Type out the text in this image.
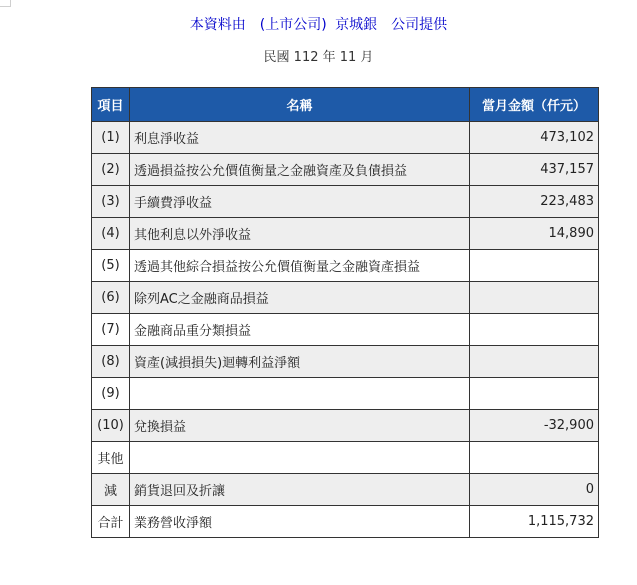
本資料由　(上市公司) 京城銀　公司提供
民國 112 年 11 月
項目	名稱	當月金額（仟元）
(1)	利息淨收益	473,102
(2)	透過損益按公允價值衡量之金融資產及負債損益	437,157
(3)	手續費淨收益	223,483
(4)	其他利息以外淨收益	14,890
(5)	透過其他綜合損益按公允價值衡量之金融資產損益	
(6)	除列AC之金融商品損益	
(7)	金融商品重分類損益	
(8)	資產(減損損失)迴轉利益淨額	
(9)		
(10)	兌換損益	-32,900
其他		
減	銷貨退回及折讓	0
合計	業務營收淨額	1,115,732
